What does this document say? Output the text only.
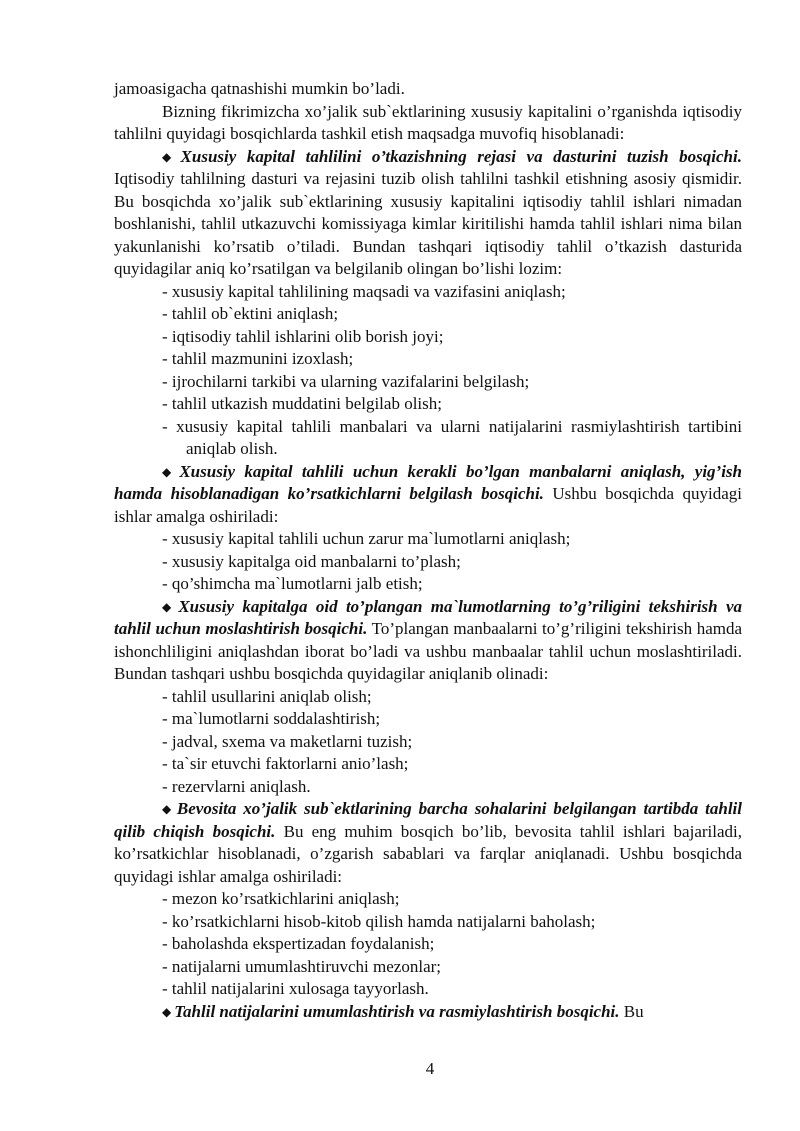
jamoasigacha qatnashishi mumkin bo’ladi.

Bizning fikrimizcha xo’jalik sub`ektlarining xususiy kapitalini o’rganishda iqtisodiy tahlilni quyidagi bosqichlarda tashkil etish maqsadga muvofiq hisoblanadi:

◆ Xususiy kapital tahlilini o’tkazishning rejasi va dasturini tuzish bosqichi. Iqtisodiy tahlilning dasturi va rejasini tuzib olish tahlilni tashkil etishning asosiy qismidir. Bu bosqichda xo’jalik sub`ektlarining xususiy kapitalini iqtisodiy tahlil ishlari nimadan boshlanishi, tahlil utkazuvchi komissiyaga kimlar kiritilishi hamda tahlil ishlari nima bilan yakunlanishi ko’rsatib o’tiladi. Bundan tashqari iqtisodiy tahlil o’tkazish dasturida quyidagilar aniq ko’rsatilgan va belgilanib olingan bo’lishi lozim:

- xususiy kapital tahlilining maqsadi va vazifasini aniqlash;
- tahlil ob`ektini aniqlash;
- iqtisodiy tahlil ishlarini olib borish joyi;
- tahlil mazmunini izoxlash;
- ijrochilarni tarkibi va ularning vazifalarini belgilash;
- tahlil utkazish muddatini belgilab olish;
- xususiy kapital tahlili manbalari va ularni natijalarini rasmiylashtirish tartibini aniqlab olish.

◆ Xususiy kapital tahlili uchun kerakli bo’lgan manbalarni aniqlash, yig’ish hamda hisoblanadigan ko’rsatkichlarni belgilash bosqichi. Ushbu bosqichda quyidagi ishlar amalga oshiriladi:

- xususiy kapital tahlili uchun zarur ma`lumotlarni aniqlash;
- xususiy kapitalga oid manbalarni to’plash;
- qo’shimcha ma`lumotlarni jalb etish;

◆ Xususiy kapitalga oid to’plangan ma`lumotlarning to’g’riligini tekshirish va tahlil uchun moslashtirish bosqichi. To’plangan manbaalarni to’g’riligini tekshirish hamda ishonchliligini aniqlashdan iborat bo’ladi va ushbu manbaalar tahlil uchun moslashtiriladi. Bundan tashqari ushbu bosqichda quyidagilar aniqlanib olinadi:

- tahlil usullarini aniqlab olish;
- ma`lumotlarni soddalashtirish;
- jadval, sxema va maketlarni tuzish;
- ta`sir etuvchi faktorlarni anio’lash;
- rezervlarni aniqlash.

◆ Bevosita xo’jalik sub`ektlarining barcha sohalarini belgilangan tartibda tahlil qilib chiqish bosqichi. Bu eng muhim bosqich bo’lib, bevosita tahlil ishlari bajariladi, ko’rsatkichlar hisoblanadi, o’zgarish sabablari va farqlar aniqlanadi. Ushbu bosqichda quyidagi ishlar amalga oshiriladi:

- mezon ko’rsatkichlarini aniqlash;
- ko’rsatkichlarni hisob-kitob qilish hamda natijalarni baholash;
- baholashda ekspertizadan foydalanish;
- natijalarni umumlashtiruvchi mezonlar;
- tahlil natijalarini xulosaga tayyorlash.

◆ Tahlil natijalarini umumlashtirish va rasmiylashtirish bosqichi. Bu

4
